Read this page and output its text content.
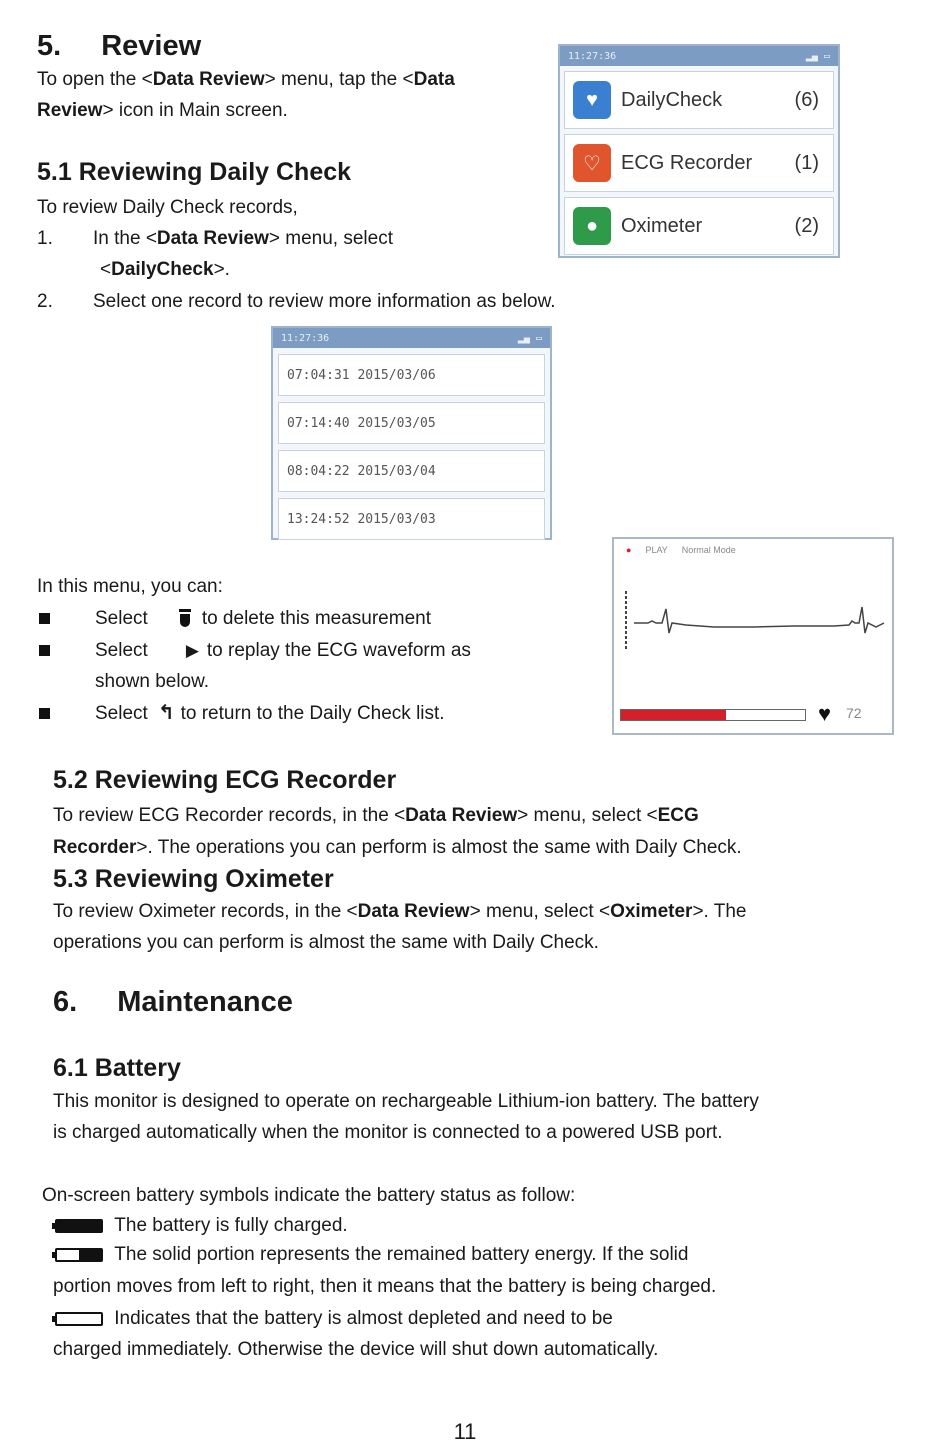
5. Review
To open the <Data Review> menu, tap the <Data
Review> icon in Main screen.
11:27:36	▂▄ ▭
♥	DailyCheck	(6)
♡	ECG Recorder	(1)
●	Oximeter	(2)
5.1 Reviewing Daily Check
To review Daily Check records,
1. In the <Data Review> menu, select
<DailyCheck>.
2. Select one record to review more information as below.
11:27:36	▂▄ ▭
07:04:31 2015/03/06
07:14:40 2015/03/05
08:04:22 2015/03/04
13:24:52 2015/03/03
In this menu, you can:
Select	to delete this measurement
Select ▶ to replay the ECG waveform as
shown below.
Select ↰ to return to the Daily Check list.
● PLAY Normal Mode
♥ 72
5.2 Reviewing ECG Recorder
To review ECG Recorder records, in the <Data Review> menu, select <ECG
Recorder>. The operations you can perform is almost the same with Daily Check.
5.3 Reviewing Oximeter
To review Oximeter records, in the <Data Review> menu, select <Oximeter>. The
operations you can perform is almost the same with Daily Check.
6. Maintenance
6.1 Battery
This monitor is designed to operate on rechargeable Lithium-ion battery. The battery
is charged automatically when the monitor is connected to a powered USB port.
On-screen battery symbols indicate the battery status as follow:
The battery is fully charged.
The solid portion represents the remained battery energy. If the solid
portion moves from left to right, then it means that the battery is being charged.
Indicates that the battery is almost depleted and need to be
charged immediately. Otherwise the device will shut down automatically.
11
